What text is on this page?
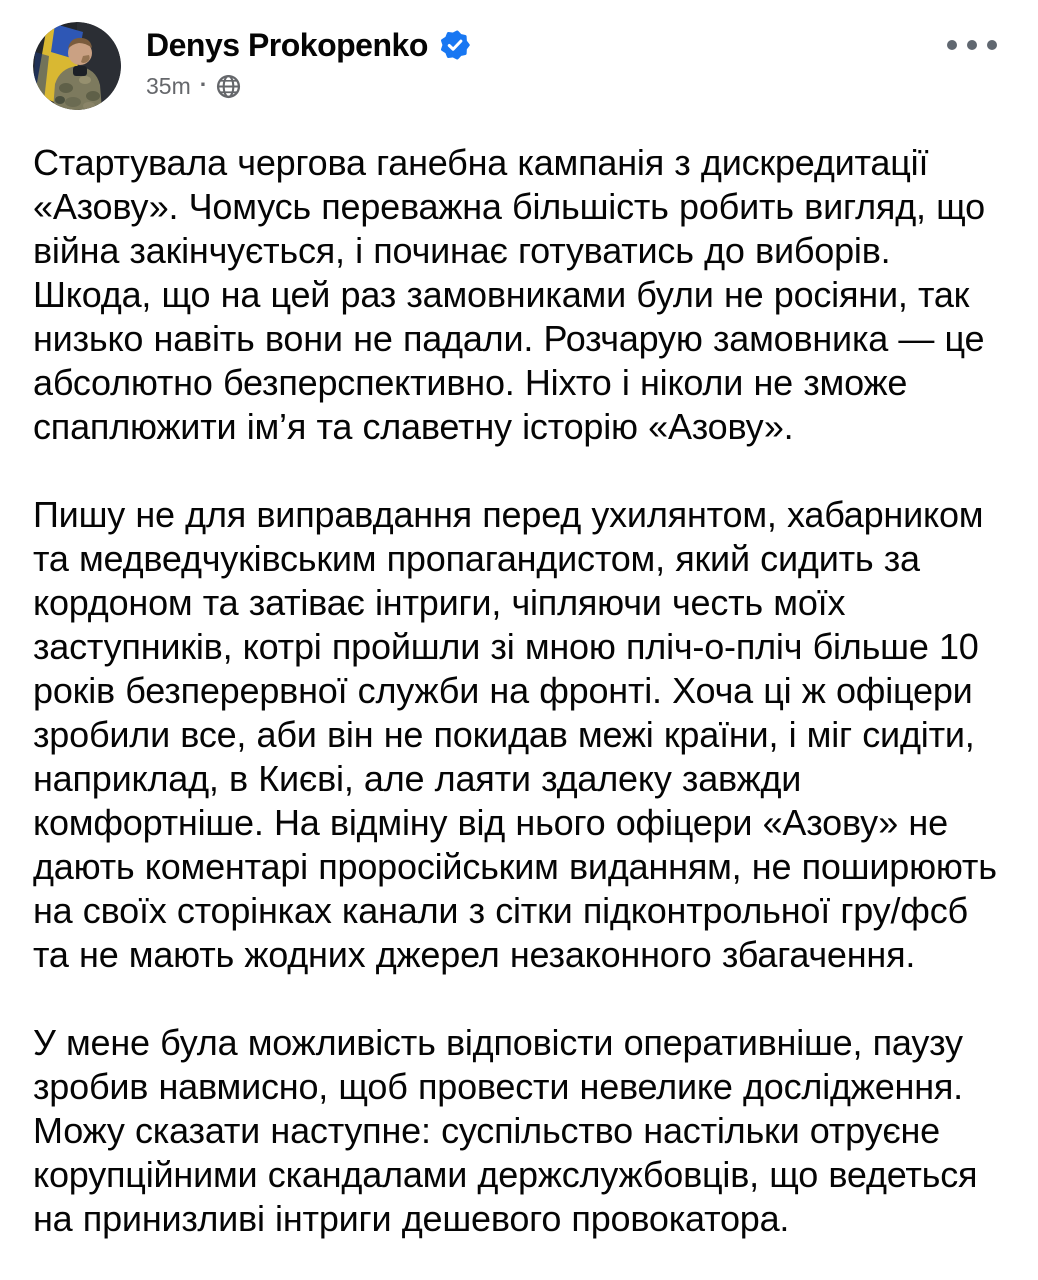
Denys Prokopenko
35m ·

Стартувала чергова ганебна кампанія з дискредитації «Азову». Чомусь переважна більшість робить вигляд, що війна закінчується, і починає готуватись до виборів. Шкода, що на цей раз замовниками були не росіяни, так низько навіть вони не падали. Розчарую замовника — це абсолютно безперспективно. Ніхто і ніколи не зможе спаплюжити ім’я та славетну історію «Азову».

Пишу не для виправдання перед ухилянтом, хабарником та медведчуківським пропагандистом, який сидить за кордоном та затіває інтриги, чіпляючи честь моїх заступників, котрі пройшли зі мною пліч-о-пліч більше 10 років безперервної служби на фронті. Хоча ці ж офіцери зробили все, аби він не покидав межі країни, і міг сидіти, наприклад, в Києві, але лаяти здалеку завжди комфортніше. На відміну від нього офіцери «Азову» не дають коментарі проросійським виданням, не поширюють на своїх сторінках канали з сітки підконтрольної гру/фсб та не мають жодних джерел незаконного збагачення.

У мене була можливість відповісти оперативніше, паузу зробив навмисно, щоб провести невелике дослідження. Можу сказати наступне: суспільство настільки отруєне корупційними скандалами держслужбовців, що ведеться на принизливі інтриги дешевого провокатора.
